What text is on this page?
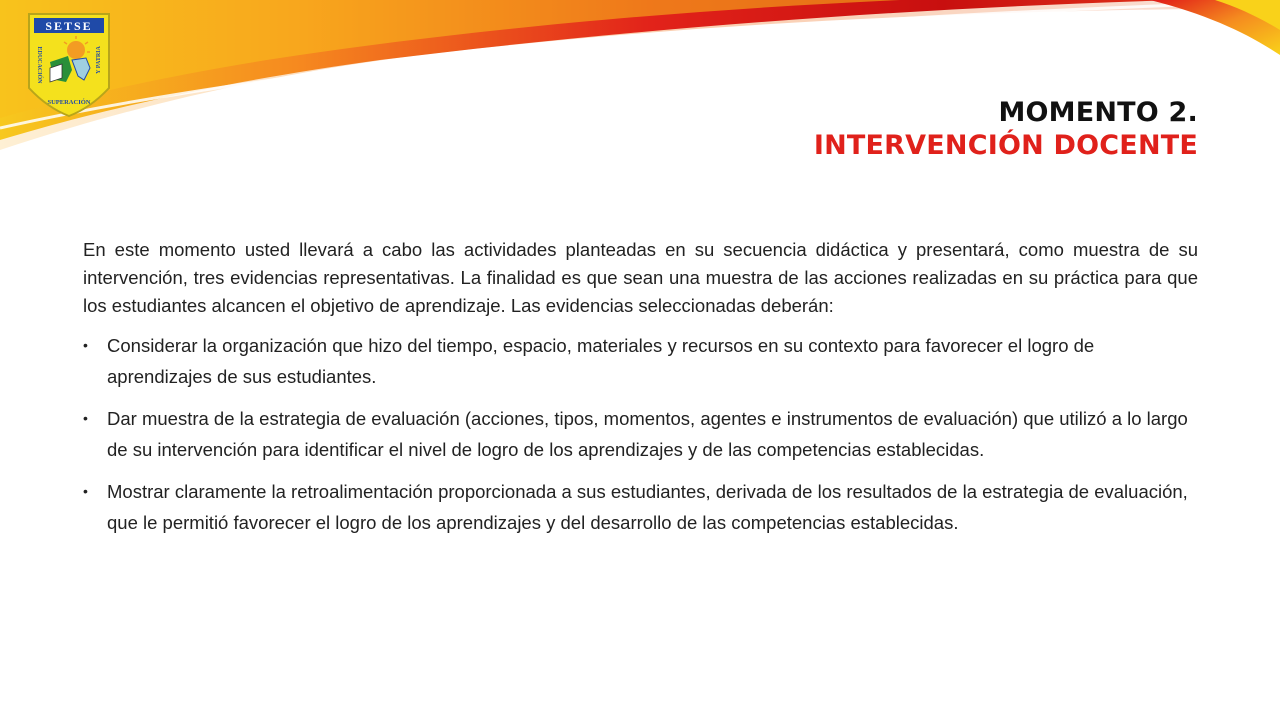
SETSE
EDUCACIÓN	Y PATRIA
SUPERACIÓN	MOMENTO 2.
INTERVENCIÓN DOCENTE

En este momento usted llevará a cabo las actividades planteadas en su secuencia didáctica y presentará, como muestra de su intervención, tres evidencias representativas. La finalidad es que sean una muestra de las acciones realizadas en su práctica para que los estudiantes alcancen el objetivo de aprendizaje. Las evidencias seleccionadas deberán:

• Considerar la organización que hizo del tiempo, espacio, materiales y recursos en su contexto para favorecer el logro de aprendizajes de sus estudiantes.
• Dar muestra de la estrategia de evaluación (acciones, tipos, momentos, agentes e instrumentos de evaluación) que utilizó a lo largo de su intervención para identificar el nivel de logro de los aprendizajes y de las competencias establecidas.
• Mostrar claramente la retroalimentación proporcionada a sus estudiantes, derivada de los resultados de la estrategia de evaluación, que le permitió favorecer el logro de los aprendizajes y del desarrollo de las competencias establecidas.
